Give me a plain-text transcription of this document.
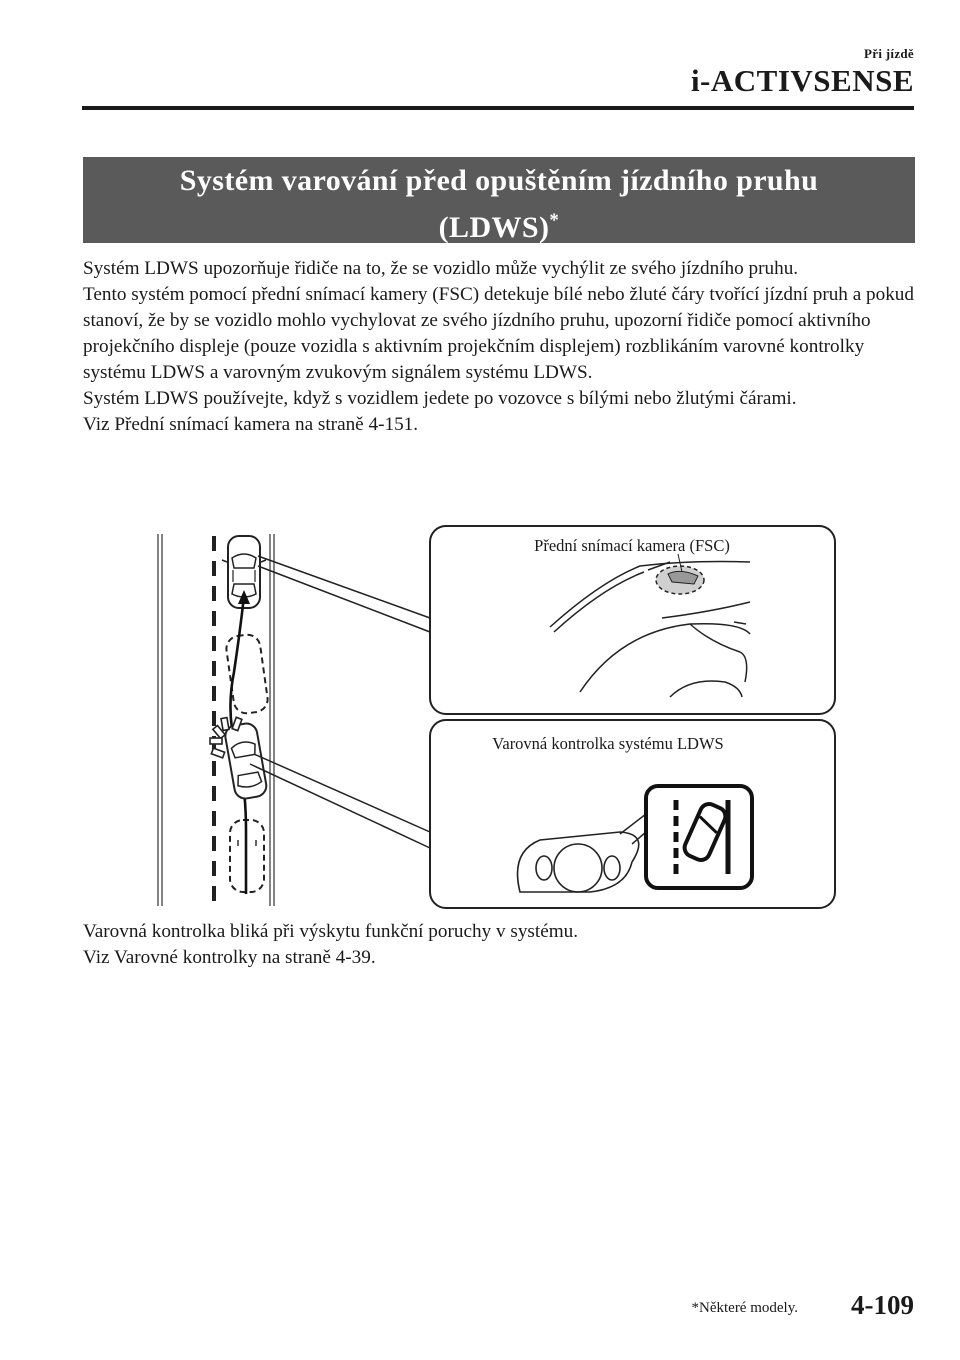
Při jízdě
i-ACTIVSENSE
Systém varování před opuštěním jízdního pruhu
(LDWS)*

Systém LDWS upozorňuje řidiče na to, že se vozidlo může vychýlit ze svého jízdního pruhu.

Tento systém pomocí přední snímací kamery (FSC) detekuje bílé nebo žluté čáry tvořící jízdní pruh a pokud stanoví, že by se vozidlo mohlo vychylovat ze svého jízdního pruhu, upozorní řidiče pomocí aktivního projekčního displeje (pouze vozidla s aktivním projekčním displejem) rozblikáním varovné kontrolky systému LDWS a varovným zvukovým signálem systému LDWS.

Systém LDWS používejte, když s vozidlem jedete po vozovce s bílými nebo žlutými čárami.

Viz Přední snímací kamera na straně 4-151.

Přední snímací kamera (FSC)
Varovná kontrolka systému LDWS

Varovná kontrolka bliká při výskytu funkční poruchy v systému.

Viz Varovné kontrolky na straně 4-39.

*Některé modely. 4-109
